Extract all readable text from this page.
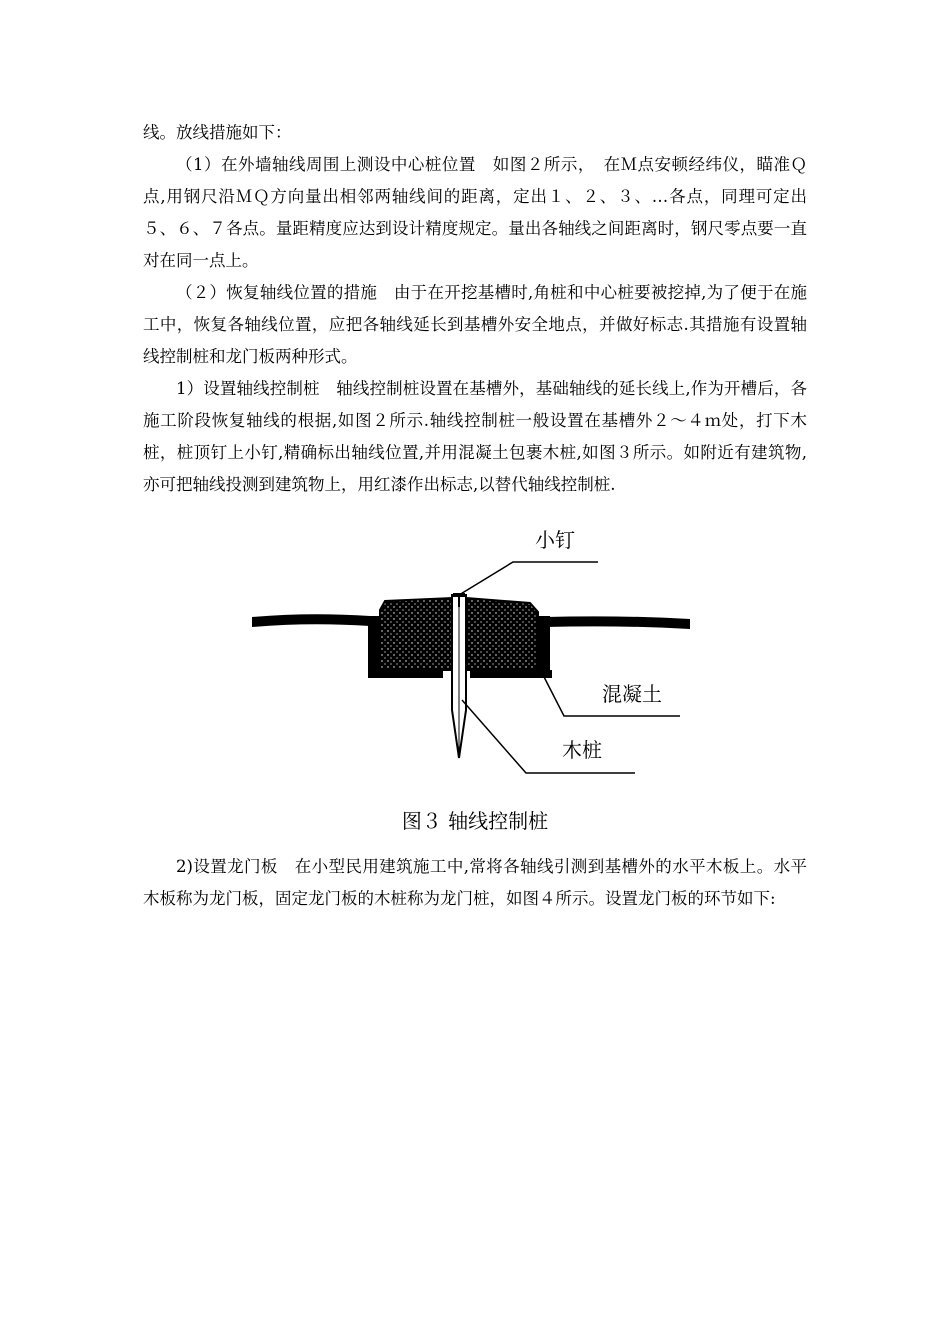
线。放线措施如下：

（1）在外墙轴线周围上测设中心桩位置　如图２所示，　在Ｍ点安顿经纬仪，瞄准Ｑ点,用钢尺沿ＭＱ方向量出相邻两轴线间的距离，定出１、２、３、…各点，同理可定出５、６、７各点。量距精度应达到设计精度规定。量出各轴线之间距离时，钢尺零点要一直对在同一点上。

（２）恢复轴线位置的措施　由于在开挖基槽时,角桩和中心桩要被挖掉,为了便于在施工中，恢复各轴线位置，应把各轴线延长到基槽外安全地点，并做好标志.其措施有设置轴线控制桩和龙门板两种形式。

1）设置轴线控制桩　轴线控制桩设置在基槽外，基础轴线的延长线上,作为开槽后，各施工阶段恢复轴线的根据,如图２所示.轴线控制桩一般设置在基槽外２～４ｍ处，打下木桩，桩顶钉上小钉,精确标出轴线位置,并用混凝土包裹木桩,如图３所示。如附近有建筑物,亦可把轴线投测到建筑物上，用红漆作出标志,以替代轴线控制桩.

小钉
混凝土
木桩
图３ 轴线控制桩

2)设置龙门板　在小型民用建筑施工中,常将各轴线引测到基槽外的水平木板上。水平木板称为龙门板，固定龙门板的木桩称为龙门桩，如图４所示。设置龙门板的环节如下:
